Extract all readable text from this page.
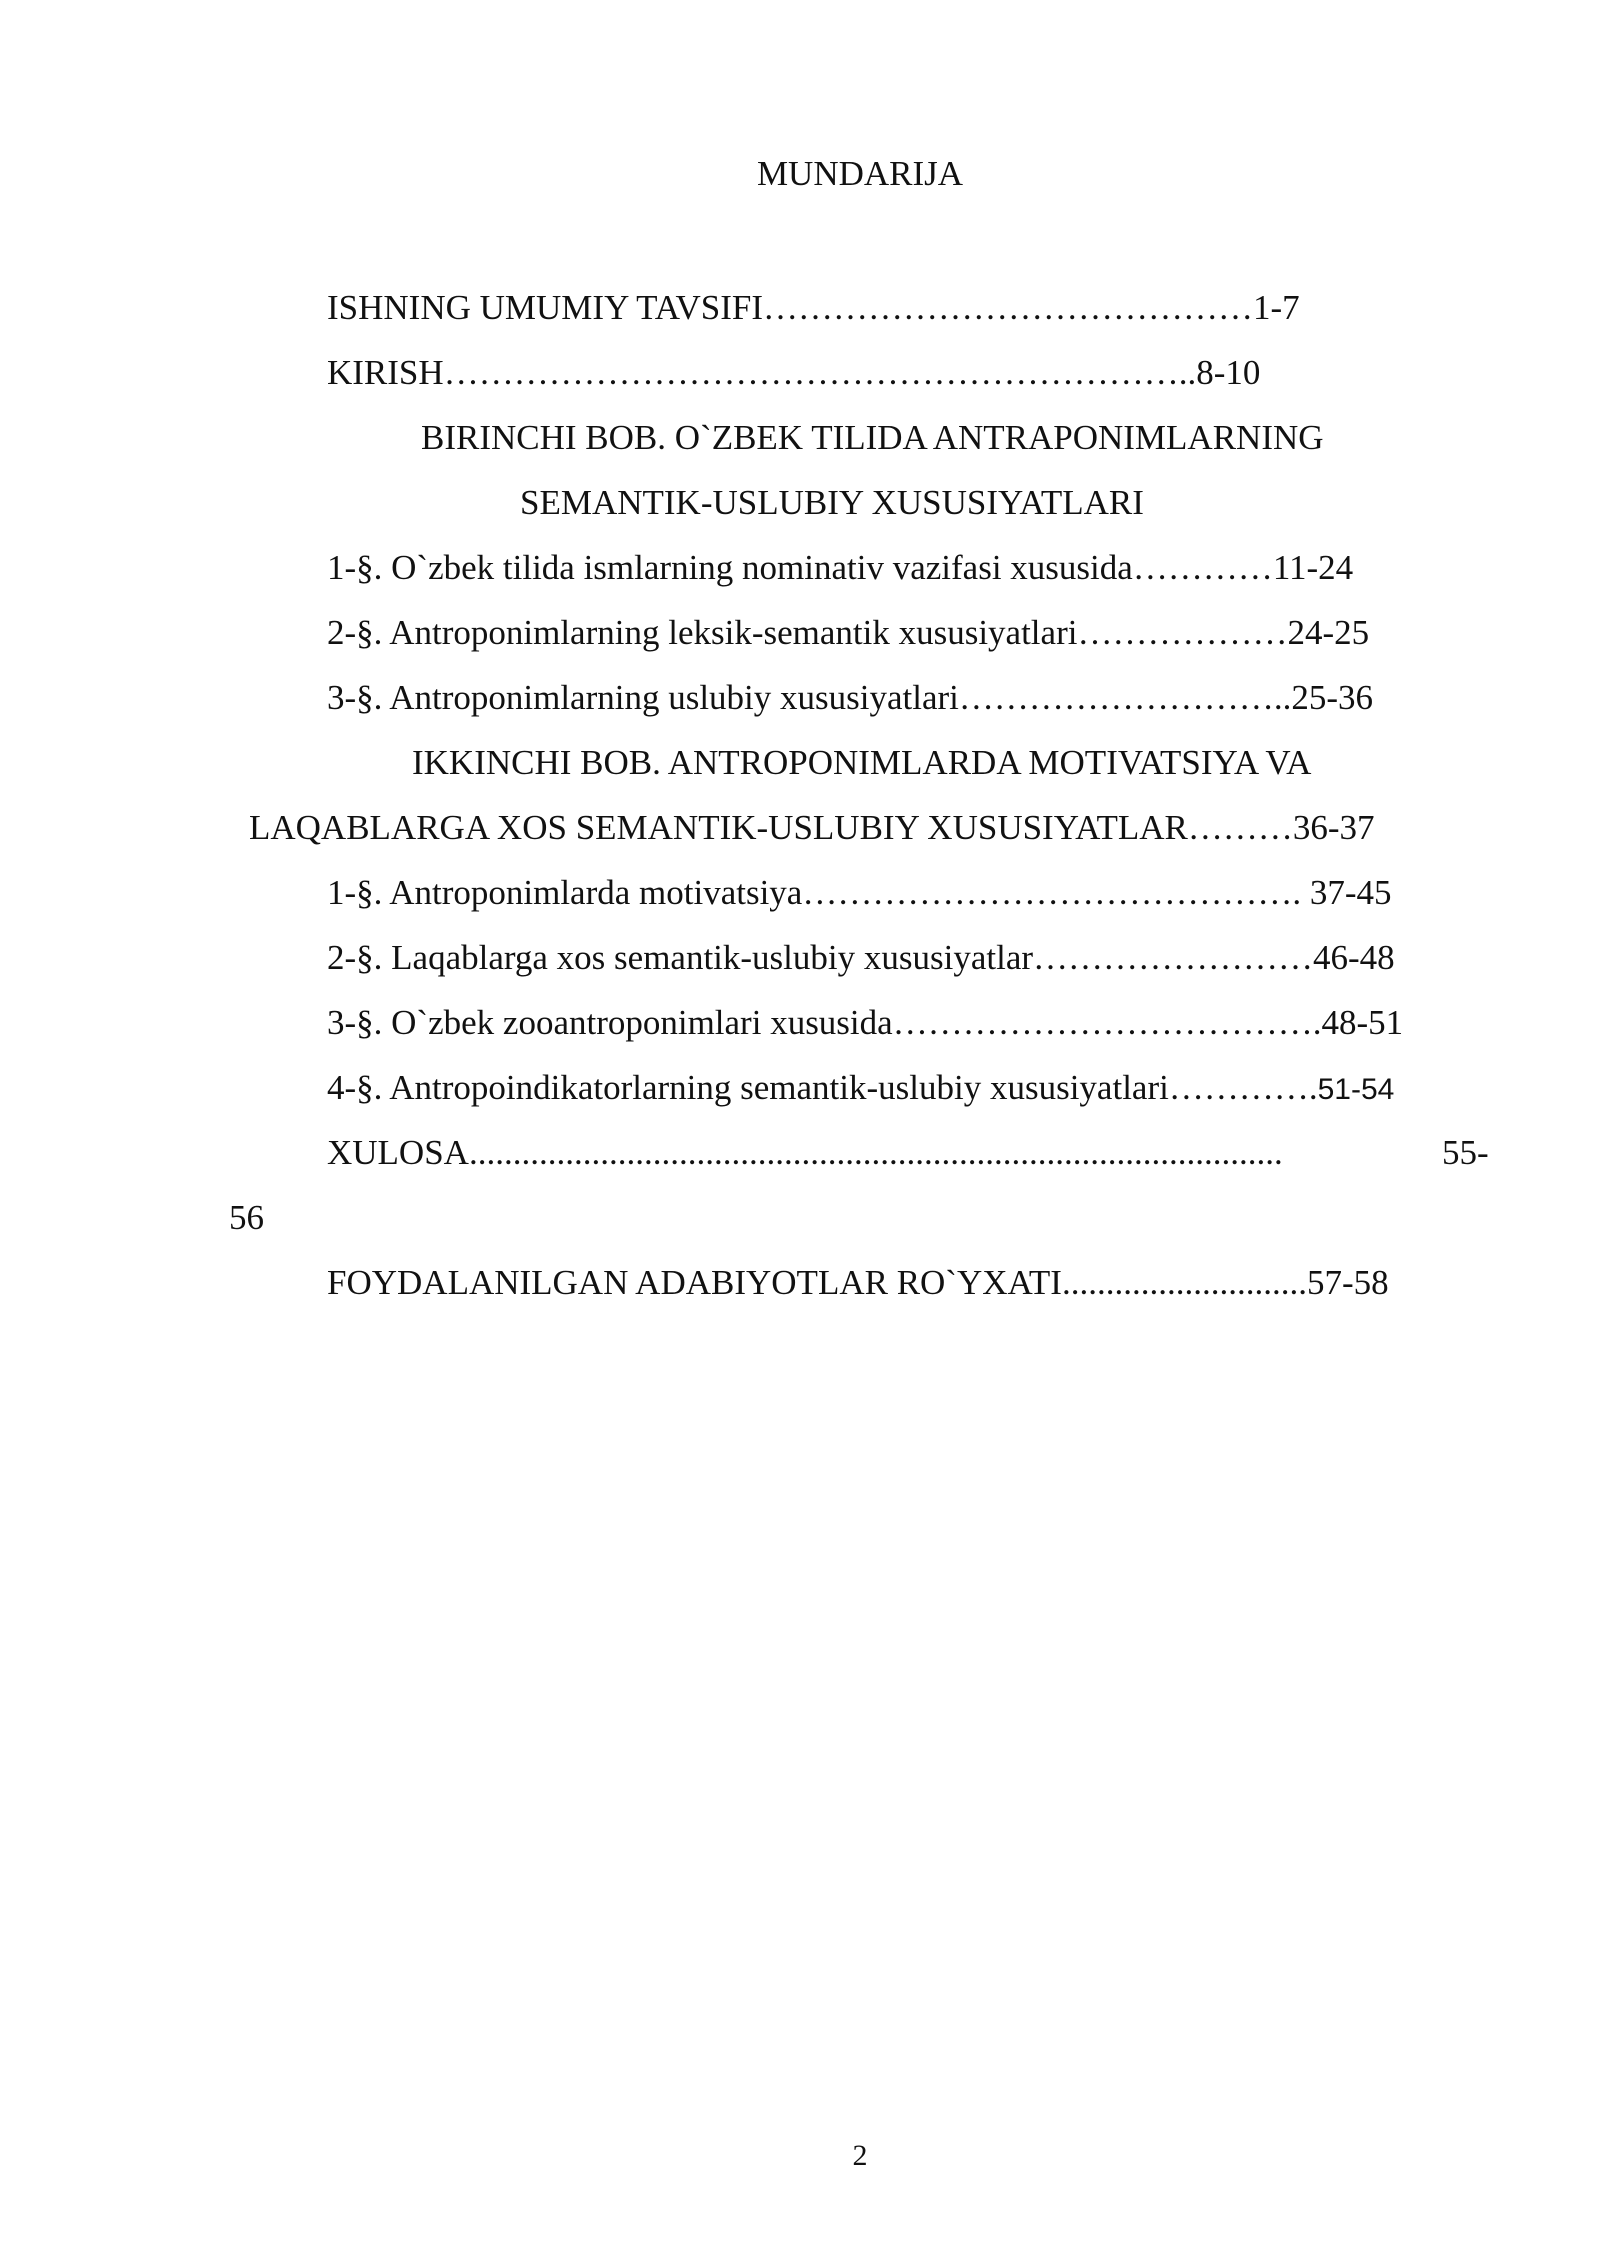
MUNDARIJA
ISHNING UMUMIY TAVSIFI……………………………………1-7
KIRISH………………………………………………………..8-10
BIRINCHI BOB. O`ZBEK TILIDA ANTRAPONIMLARNING
SEMANTIK-USLUBIY XUSUSIYATLARI
1-§. O`zbek tilida ismlarning nominativ vazifasi xususida…………11-24
2-§. Antroponimlarning leksik-semantik xususiyatlari………………24-25
3-§. Antroponimlarning uslubiy xususiyatlari………………………..25-36
IKKINCHI BOB. ANTROPONIMLARDA MOTIVATSIYA VA
LAQABLARGA XOS SEMANTIK-USLUBIY XUSUSIYATLAR………36-37
1-§. Antroponimlarda motivatsiya……………………………………. 37-45
2-§. Laqablarga xos semantik-uslubiy xususiyatlar……………………46-48
3-§. O`zbek zooantroponimlari xususida……………………………….48-51
4-§. Antropoindikatorlarning semantik-uslubiy xususiyatlari………….51-54
XULOSA.............................................................................................	55-
56
FOYDALANILGAN ADABIYOTLAR RO`YXATI............................57-58
2
